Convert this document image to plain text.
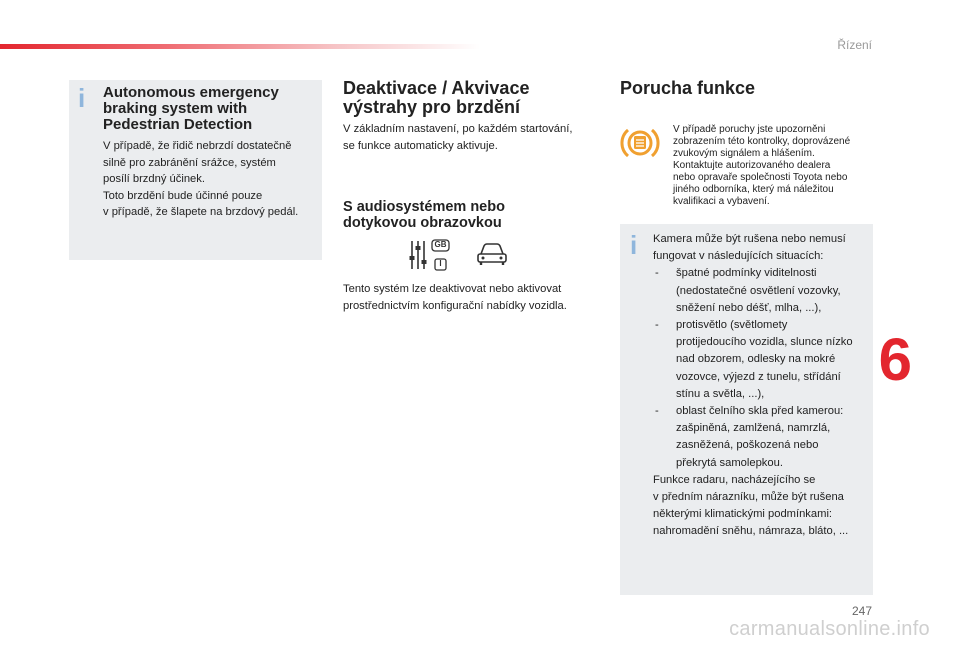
Řízení
6
247
carmanualsonline.info
i Autonomous emergency braking system with Pedestrian Detection
V případě, že řidič nebrzdí dostatečně
silně pro zabránění srážce, systém
posílí brzdný účinek.
Toto brzdění bude účinné pouze
v případě, že šlapete na brzdový pedál.
Deaktivace / Akvivace
výstrahy pro brzdění
V základním nastavení, po každém startování,
se funkce automaticky aktivuje.
S audiosystémem nebo
dotykovou obrazovkou
GB
I
Tento systém lze deaktivovat nebo aktivovat
prostřednictvím konfigurační nabídky vozidla.
Porucha funkce
V případě poruchy jste upozorněni
zobrazením této kontrolky, doprovázené
zvukovým signálem a hlášením.
Kontaktujte autorizovaného dealera
nebo opravaře společnosti Toyota nebo
jiného odborníka, který má náležitou
kvalifikaci a vybavení.
i Kamera může být rušena nebo nemusí
fungovat v následujících situacích:
- špatné podmínky viditelnosti
(nedostatečné osvětlení vozovky,
sněžení nebo déšť, mlha, ...),
- protisvětlo (světlomety
protijedoucího vozidla, slunce nízko
nad obzorem, odlesky na mokré
vozovce, výjezd z tunelu, střídání
stínu a světla, ...),
- oblast čelního skla před kamerou:
zašpiněná, zamlžená, namrzlá,
zasněžená, poškozená nebo
překrytá samolepkou.
Funkce radaru, nacházejícího se
v předním nárazníku, může být rušena
některými klimatickými podmínkami:
nahromadění sněhu, námraza, bláto, ...
